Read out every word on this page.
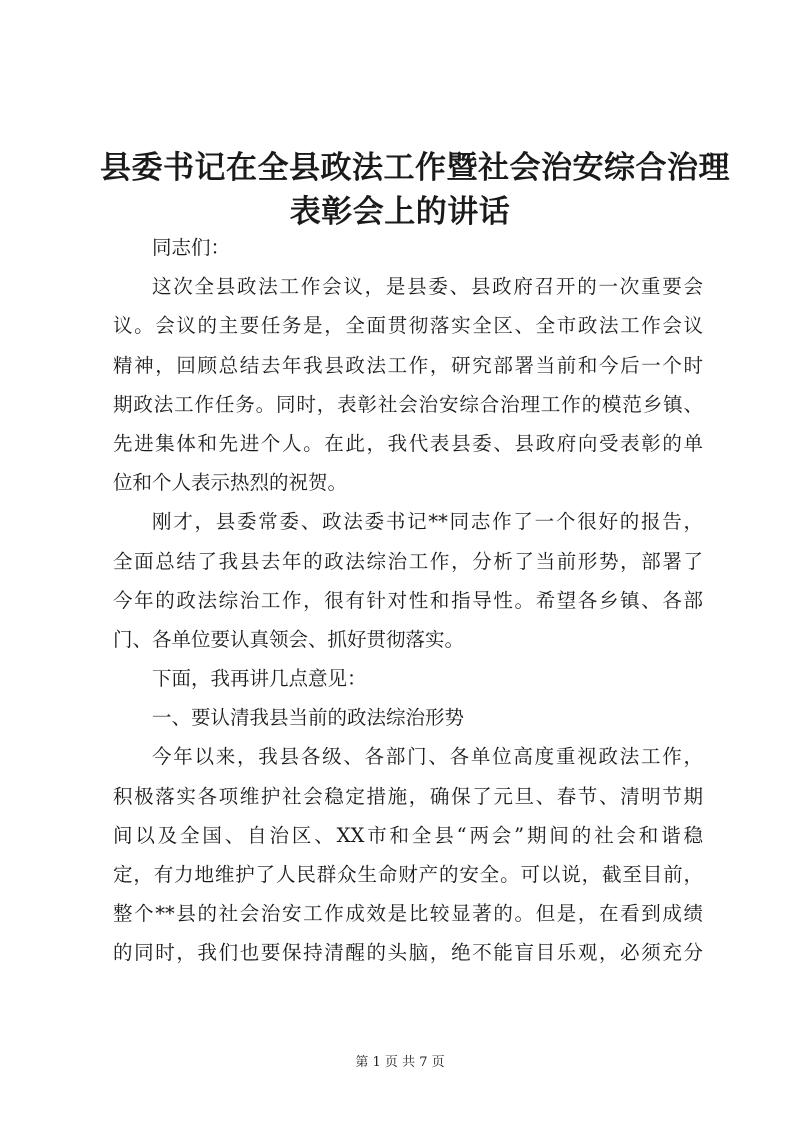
县委书记在全县政法工作暨社会治安综合治理
表彰会上的讲话
同志们：
这次全县政法工作会议，是县委、县政府召开的一次重要会
议。会议的主要任务是，全面贯彻落实全区、全市政法工作会议
精神，回顾总结去年我县政法工作，研究部署当前和今后一个时
期政法工作任务。同时，表彰社会治安综合治理工作的模范乡镇、
先进集体和先进个人。在此，我代表县委、县政府向受表彰的单
位和个人表示热烈的祝贺。
刚才，县委常委、政法委书记**同志作了一个很好的报告，
全面总结了我县去年的政法综治工作，分析了当前形势，部署了
今年的政法综治工作，很有针对性和指导性。希望各乡镇、各部
门、各单位要认真领会、抓好贯彻落实。
下面，我再讲几点意见：
一、要认清我县当前的政法综治形势
今年以来，我县各级、各部门、各单位高度重视政法工作，
积极落实各项维护社会稳定措施，确保了元旦、春节、清明节期
间以及全国、自治区、XX市和全县“两会”期间的社会和谐稳
定，有力地维护了人民群众生命财产的安全。可以说，截至目前，
整个**县的社会治安工作成效是比较显著的。但是，在看到成绩
的同时，我们也要保持清醒的头脑，绝不能盲目乐观，必须充分
第 1 页 共 7 页
